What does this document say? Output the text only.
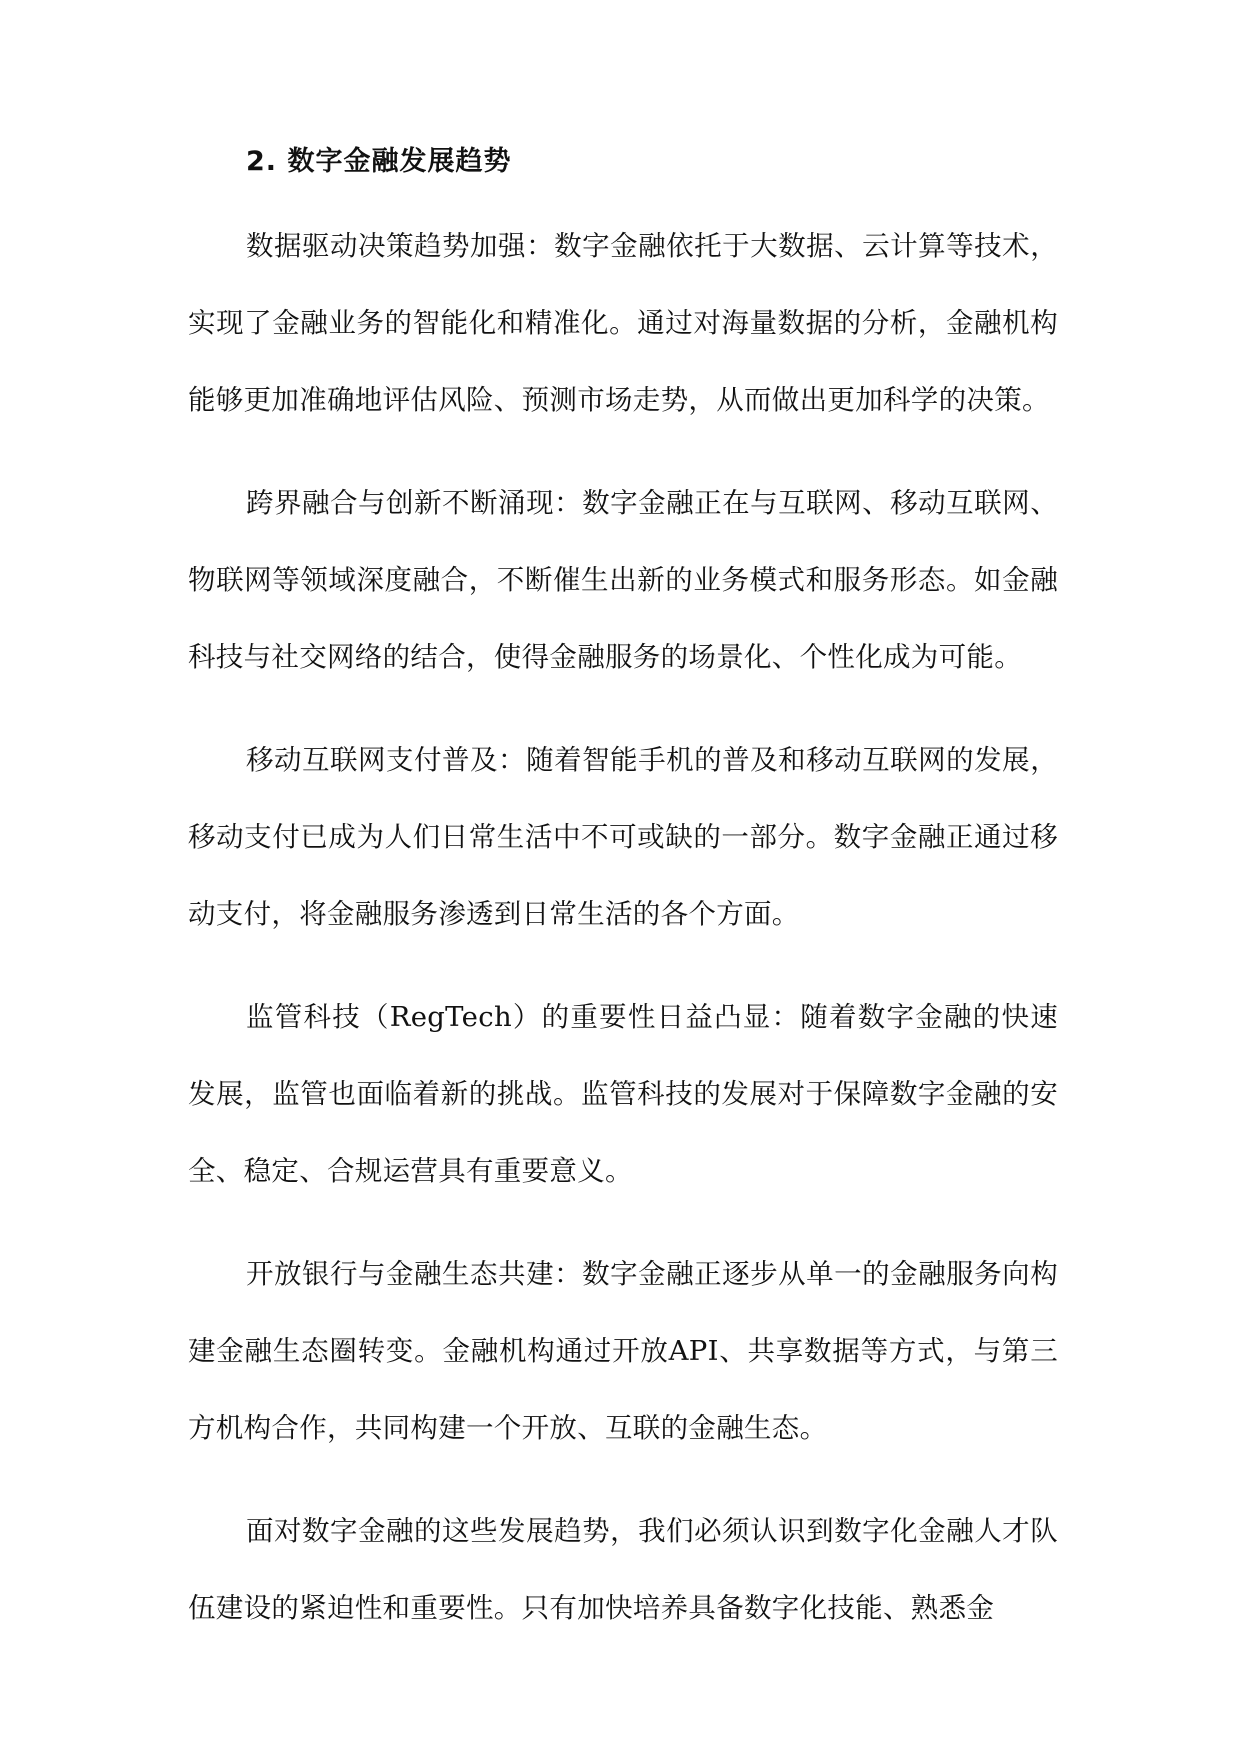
2. 数字金融发展趋势

数据驱动决策趋势加强：数字金融依托于大数据、云计算等技术，实现了金融业务的智能化和精准化。通过对海量数据的分析，金融机构能够更加准确地评估风险、预测市场走势，从而做出更加科学的决策。

跨界融合与创新不断涌现：数字金融正在与互联网、移动互联网、物联网等领域深度融合，不断催生出新的业务模式和服务形态。如金融科技与社交网络的结合，使得金融服务的场景化、个性化成为可能。

移动互联网支付普及：随着智能手机的普及和移动互联网的发展，移动支付已成为人们日常生活中不可或缺的一部分。数字金融正通过移动支付，将金融服务渗透到日常生活的各个方面。

监管科技（RegTech）的重要性日益凸显：随着数字金融的快速发展，监管也面临着新的挑战。监管科技的发展对于保障数字金融的安全、稳定、合规运营具有重要意义。

开放银行与金融生态共建：数字金融正逐步从单一的金融服务向构建金融生态圈转变。金融机构通过开放API、共享数据等方式，与第三方机构合作，共同构建一个开放、互联的金融生态。

面对数字金融的这些发展趋势，我们必须认识到数字化金融人才队伍建设的紧迫性和重要性。只有加快培养具备数字化技能、熟悉金
